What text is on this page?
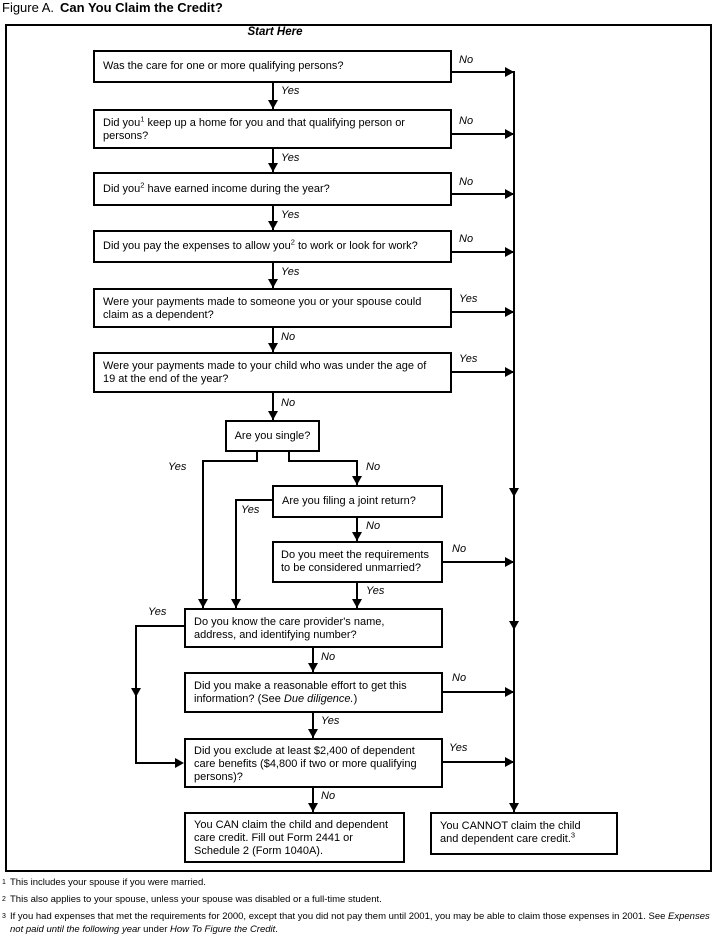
Figure A. Can You Claim the Credit?
Start Here
Was the care for one or more qualifying persons?
Did you$^1$ keep up a home for you and that qualifying person or
persons?
Did you$^2$ have earned income during the year?
Did you pay the expenses to allow you$^2$ to work or look for work?
Were your payments made to someone you or your spouse could
claim as a dependent?
Were your payments made to your child who was under the age of
19 at the end of the year?
Are you single?
Are you filing a joint return?
Do you meet the requirements
to be considered unmarried?
Do you know the care provider's name,
address, and identifying number?
Did you make a reasonable effort to get this
information? (See Due diligence.)
Did you exclude at least $2,400 of dependent
care benefits ($4,800 if two or more qualifying
persons)?
You CAN claim the child and dependent
care credit. Fill out Form 2441 or
Schedule 2 (Form 1040A).
You CANNOT claim the child
and dependent care credit.$^3$
Yes
Yes
Yes
Yes
No
No
No
No
No
No
Yes
Yes
Yes	No
Yes
No
Yes
No
Yes
No
No
Yes
Yes
No
1 This includes your spouse if you were married.
2 This also applies to your spouse, unless your spouse was disabled or a full-time student.
3 If you had expenses that met the requirements for 2000, except that you did not pay them until 2001, you may be able to claim those expenses in 2001. See Expenses not paid until the following year under How To Figure the Credit.
